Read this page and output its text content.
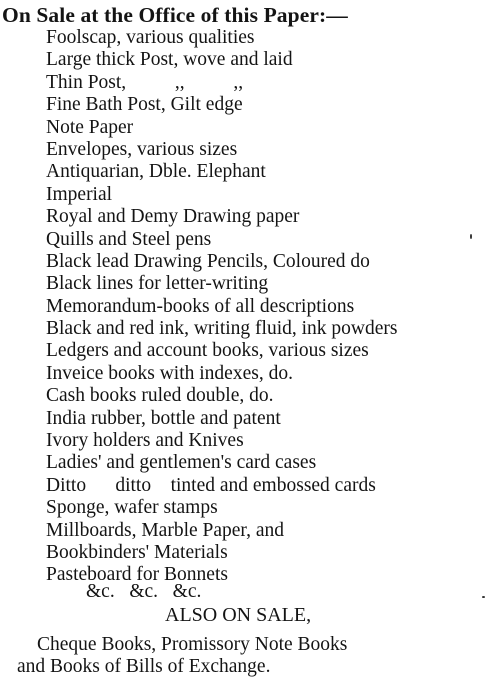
On Sale at the Office of this Paper:—
Foolscap, various qualities
Large thick Post, wove and laid
Thin Post,          ,,          ,,
Fine Bath Post, Gilt edge
Note Paper
Envelopes, various sizes
Antiquarian, Dble. Elephant
Imperial
Royal and Demy Drawing paper
Quills and Steel pens
Black lead Drawing Pencils, Coloured do
Black lines for letter-writing
Memorandum-books of all descriptions
Black and red ink, writing fluid, ink powders
Ledgers and account books, various sizes
Inveice books with indexes, do.
Cash books ruled double, do.
India rubber, bottle and patent
Ivory holders and Knives
Ladies' and gentlemen's card cases
Ditto      ditto    tinted and embossed cards
Sponge, wafer stamps
Millboards, Marble Paper, and
Bookbinders' Materials
Pasteboard for Bonnets
&c.   &c.   &c.
ALSO ON SALE,
Cheque Books, Promissory Note Books
and Books of Bills of Exchange.
